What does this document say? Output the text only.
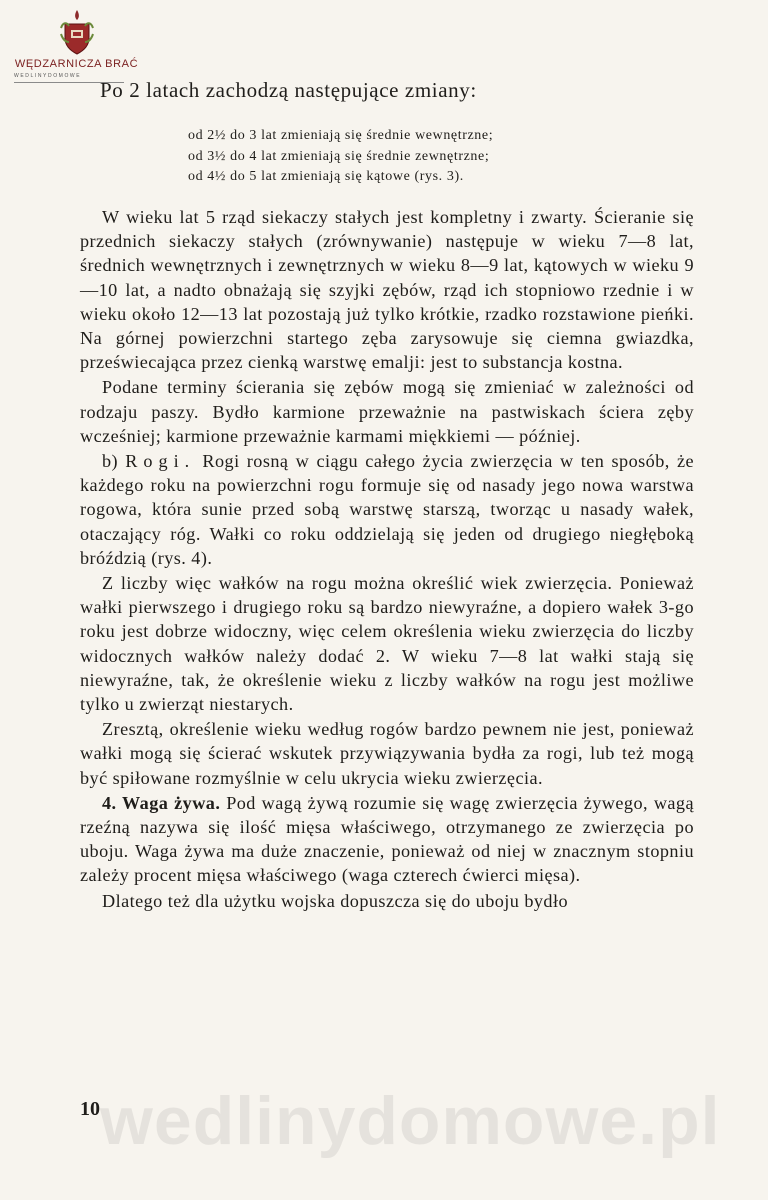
WĘDZARNICZA BRAĆ
WEDLINYDOMOWE
Po 2 latach zachodzą następujące zmiany:
od 2½ do 3 lat zmieniają się średnie wewnętrzne;
od 3½ do 4 lat zmieniają się średnie zewnętrzne;
od 4½ do 5 lat zmieniają się kątowe (rys. 3).

W wieku lat 5 rząd siekaczy stałych jest kompletny i zwarty. Ścieranie się przednich siekaczy stałych (zrównywanie) następuje w wieku 7—8 lat, średnich wewnętrznych i zewnętrznych w wieku 8—9 lat, kątowych w wieku 9—10 lat, a nadto obnażają się szyjki zębów, rząd ich stopniowo rzednie i w wieku około 12—13 lat pozostają już tylko krótkie, rzadko rozstawione pieńki. Na górnej powierzchni startego zęba zarysowuje się ciemna gwiazdka, przeświecająca przez cienką warstwę emalji: jest to substancja kostna.

Podane terminy ścierania się zębów mogą się zmieniać w zależności od rodzaju paszy. Bydło karmione przeważnie na pastwiskach ściera zęby wcześniej; karmione przeważnie karmami miękkiemi — później.

b) Rogi. Rogi rosną w ciągu całego życia zwierzęcia w ten sposób, że każdego roku na powierzchni rogu formuje się od nasady jego nowa warstwa rogowa, która sunie przed sobą warstwę starszą, tworząc u nasady wałek, otaczający róg. Wałki co roku oddzielają się jeden od drugiego niegłęboką bróździą (rys. 4).

Z liczby więc wałków na rogu można określić wiek zwierzęcia. Ponieważ wałki pierwszego i drugiego roku są bardzo niewyraźne, a dopiero wałek 3-go roku jest dobrze widoczny, więc celem określenia wieku zwierzęcia do liczby widocznych wałków należy dodać 2. W wieku 7—8 lat wałki stają się niewyraźne, tak, że określenie wieku z liczby wałków na rogu jest możliwe tylko u zwierząt niestarych.

Zresztą, określenie wieku według rogów bardzo pewnem nie jest, ponieważ wałki mogą się ścierać wskutek przywiązywania bydła za rogi, lub też mogą być spiłowane rozmyślnie w celu ukrycia wieku zwierzęcia.

4. Waga żywa. Pod wagą żywą rozumie się wagę zwierzęcia żywego, wagą rzeźną nazywa się ilość mięsa właściwego, otrzymanego ze zwierzęcia po uboju. Waga żywa ma duże znaczenie, ponieważ od niej w znacznym stopniu zależy procent mięsa właściwego (waga czterech ćwierci mięsa).

Dlatego też dla użytku wojska dopuszcza się do uboju bydło

wedlinydomowe.pl
10
